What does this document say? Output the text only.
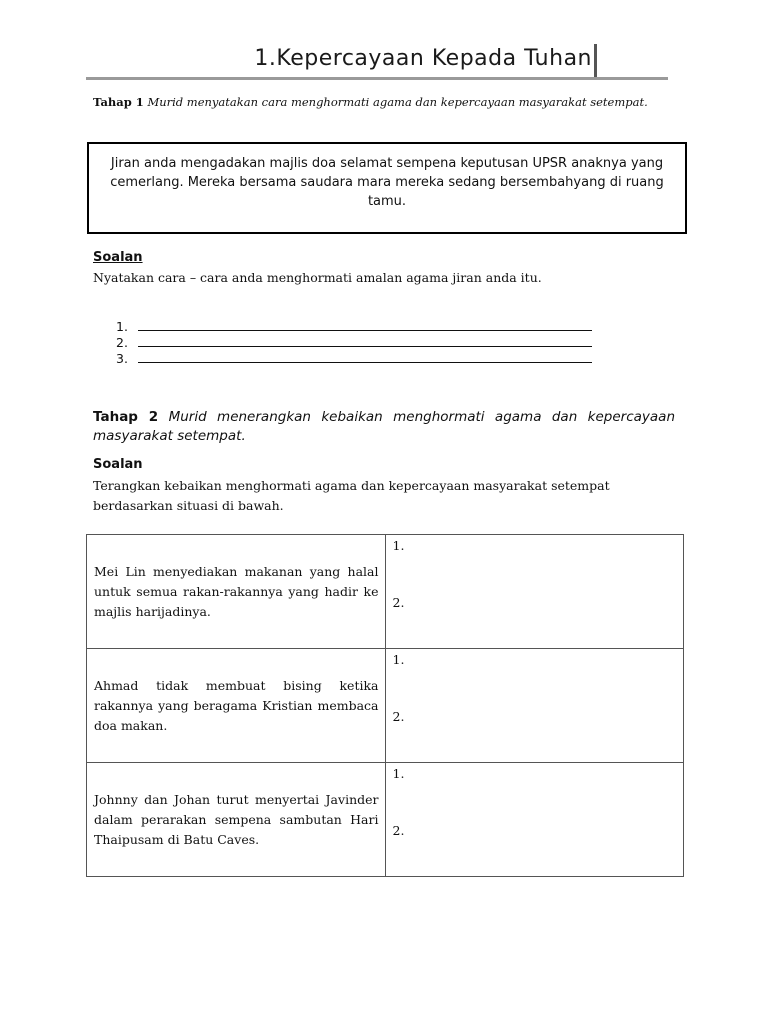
1.Kepercayaan Kepada Tuhan
Tahap 1 Murid menyatakan cara menghormati agama dan kepercayaan masyarakat setempat.
Jiran anda mengadakan majlis doa selamat sempena keputusan UPSR anaknya yang cemerlang. Mereka bersama saudara mara mereka sedang bersembahyang di ruang tamu.
Soalan
Nyatakan cara – cara anda menghormati amalan agama jiran anda itu.
1.
2.
3.
Tahap 2 Murid menerangkan kebaikan menghormati agama dan kepercayaan masyarakat setempat.
Soalan
Terangkan kebaikan menghormati agama dan kepercayaan masyarakat setempat berdasarkan situasi di bawah.
Mei Lin menyediakan makanan yang halal untuk semua rakan-rakannya yang hadir ke majlis harijadinya.	1.
2.

Ahmad tidak membuat bising ketika rakannya yang beragama Kristian membaca doa makan.	1.
2.

Johnny dan Johan turut menyertai Javinder dalam perarakan sempena sambutan Hari Thaipusam di Batu Caves.	1.
2.
